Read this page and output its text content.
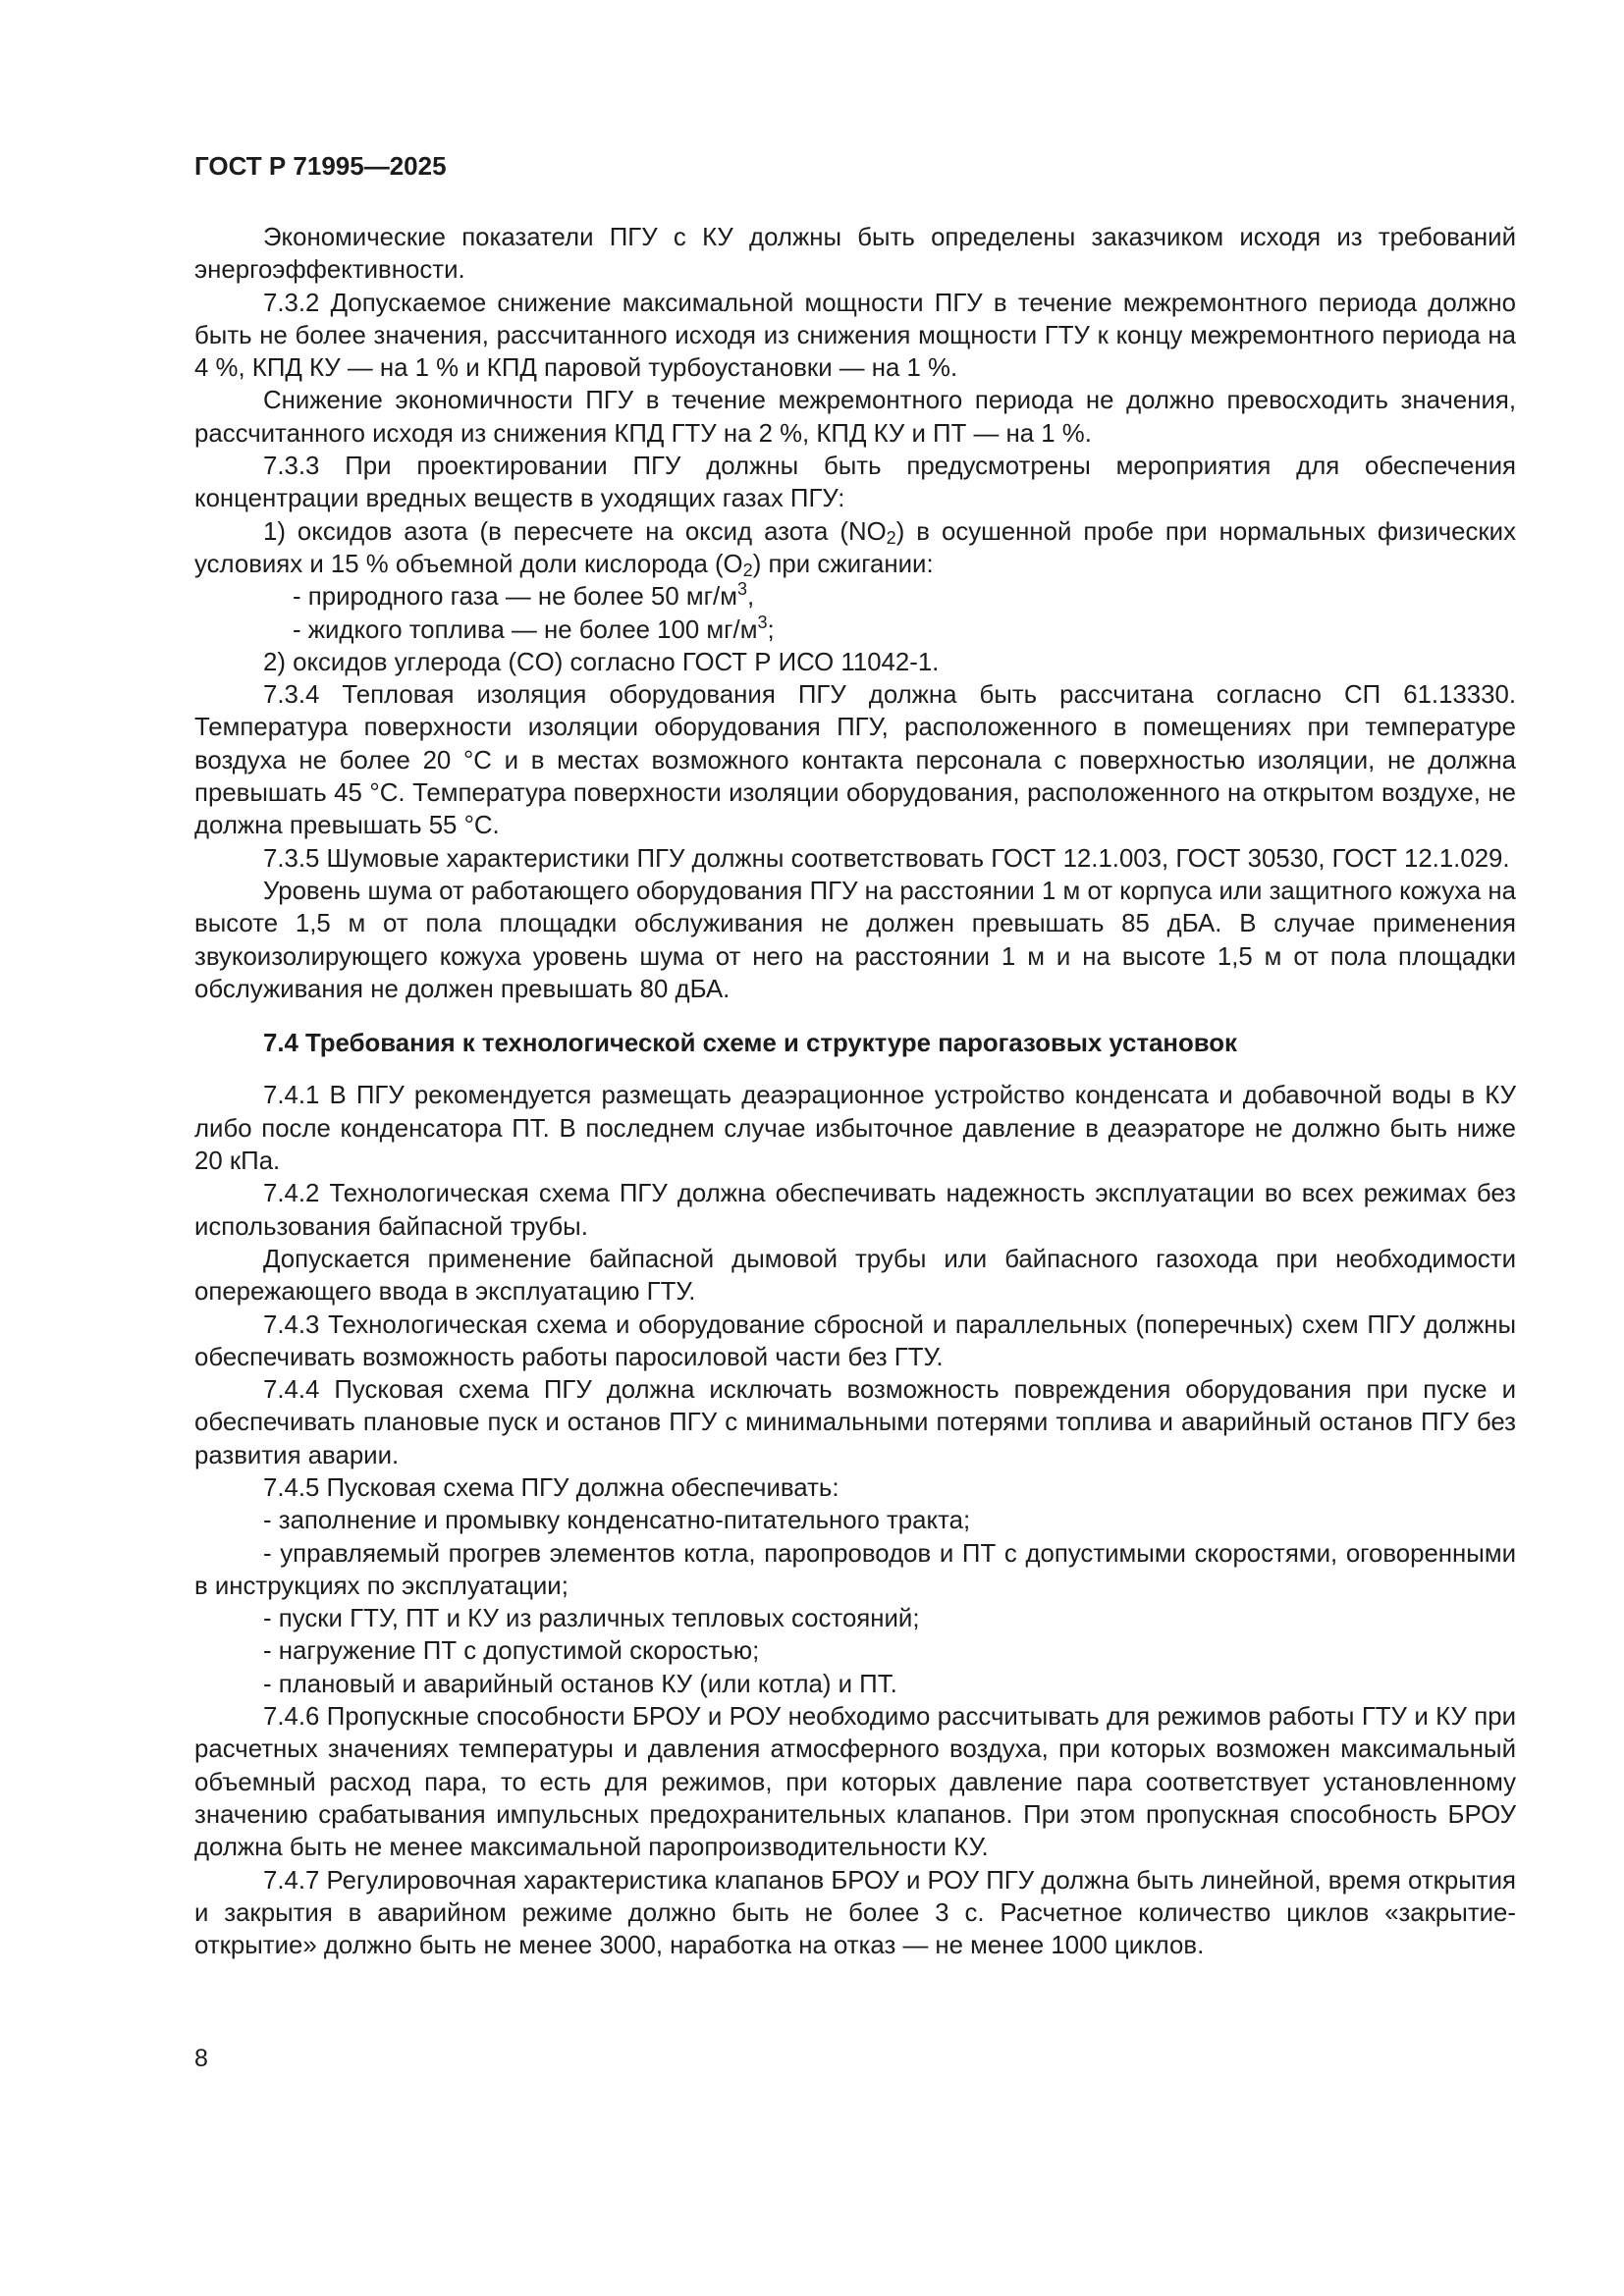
ГОСТ Р 71995—2025

Экономические показатели ПГУ с КУ должны быть определены заказчиком исходя из требований энергоэффективности.

7.3.2 Допускаемое снижение максимальной мощности ПГУ в течение межремонтного периода должно быть не более значения, рассчитанного исходя из снижения мощности ГТУ к концу межремонтного периода на 4 %, КПД КУ — на 1 % и КПД паровой турбоустановки — на 1 %.

Снижение экономичности ПГУ в течение межремонтного периода не должно превосходить значения, рассчитанного исходя из снижения КПД ГТУ на 2 %, КПД КУ и ПТ — на 1 %.

7.3.3 При проектировании ПГУ должны быть предусмотрены мероприятия для обеспечения концентрации вредных веществ в уходящих газах ПГУ:

1) оксидов азота (в пересчете на оксид азота $(NO_2)$ в осушенной пробе при нормальных физических условиях и 15 % объемной доли кислорода $(O_2)$ при сжигании:

- природного газа — не более 50 $мг/м^3$,

- жидкого топлива — не более 100 $мг/м^3$;

2) оксидов углерода (CO) согласно ГОСТ Р ИСО 11042-1.

7.3.4 Тепловая изоляция оборудования ПГУ должна быть рассчитана согласно СП 61.13330. Температура поверхности изоляции оборудования ПГУ, расположенного в помещениях при температуре воздуха не более 20 °С и в местах возможного контакта персонала с поверхностью изоляции, не должна превышать 45 °С. Температура поверхности изоляции оборудования, расположенного на открытом воздухе, не должна превышать 55 °С.

7.3.5 Шумовые характеристики ПГУ должны соответствовать ГОСТ 12.1.003, ГОСТ 30530, ГОСТ 12.1.029.

Уровень шума от работающего оборудования ПГУ на расстоянии 1 м от корпуса или защитного кожуха на высоте 1,5 м от пола площадки обслуживания не должен превышать 85 дБА. В случае применения звукоизолирующего кожуха уровень шума от него на расстоянии 1 м и на высоте 1,5 м от пола площадки обслуживания не должен превышать 80 дБА.

7.4 Требования к технологической схеме и структуре парогазовых установок

7.4.1 В ПГУ рекомендуется размещать деаэрационное устройство конденсата и добавочной воды в КУ либо после конденсатора ПТ. В последнем случае избыточное давление в деаэраторе не должно быть ниже 20 кПа.

7.4.2 Технологическая схема ПГУ должна обеспечивать надежность эксплуатации во всех режимах без использования байпасной трубы.

Допускается применение байпасной дымовой трубы или байпасного газохода при необходимости опережающего ввода в эксплуатацию ГТУ.

7.4.3 Технологическая схема и оборудование сбросной и параллельных (поперечных) схем ПГУ должны обеспечивать возможность работы паросиловой части без ГТУ.

7.4.4 Пусковая схема ПГУ должна исключать возможность повреждения оборудования при пуске и обеспечивать плановые пуск и останов ПГУ с минимальными потерями топлива и аварийный останов ПГУ без развития аварии.

7.4.5 Пусковая схема ПГУ должна обеспечивать:

- заполнение и промывку конденсатно-питательного тракта;

- управляемый прогрев элементов котла, паропроводов и ПТ с допустимыми скоростями, оговоренными в инструкциях по эксплуатации;

- пуски ГТУ, ПТ и КУ из различных тепловых состояний;

- нагружение ПТ с допустимой скоростью;

- плановый и аварийный останов КУ (или котла) и ПТ.

7.4.6 Пропускные способности БРОУ и РОУ необходимо рассчитывать для режимов работы ГТУ и КУ при расчетных значениях температуры и давления атмосферного воздуха, при которых возможен максимальный объемный расход пара, то есть для режимов, при которых давление пара соответствует установленному значению срабатывания импульсных предохранительных клапанов. При этом пропускная способность БРОУ должна быть не менее максимальной паропроизводительности КУ.

7.4.7 Регулировочная характеристика клапанов БРОУ и РОУ ПГУ должна быть линейной, время открытия и закрытия в аварийном режиме должно быть не более 3 с. Расчетное количество циклов «закрытие-открытие» должно быть не менее 3000, наработка на отказ — не менее 1000 циклов.

8
